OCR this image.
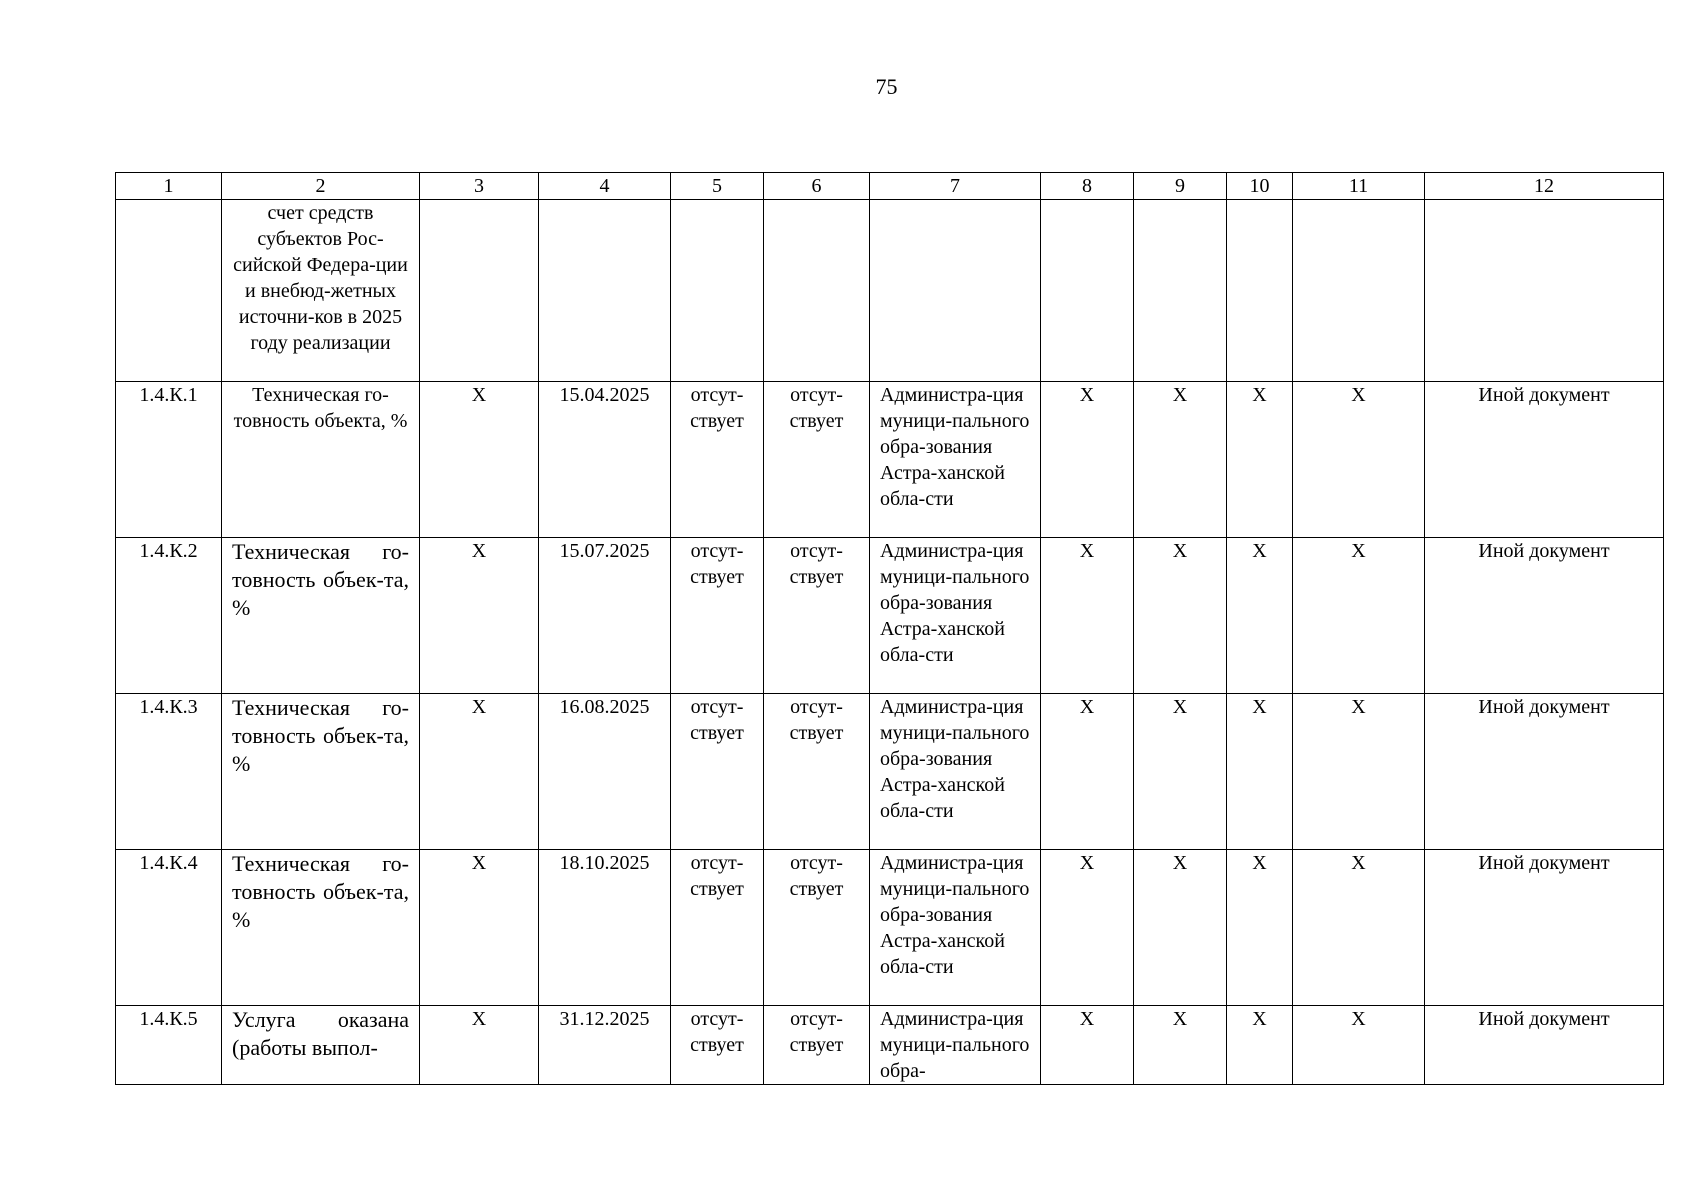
75
1	2	3	4	5	6	7	8	9	10	11	12
	счет средств субъектов Рос-сийской Федера-ции и внебюд-жетных источни-ков в 2025 году реализации										
1.4.К.1	Техническая го-товность объекта, %	X	15.04.2025	отсут-ствует	отсут-ствует	Администра-ция муници-пального обра-зования Астра-ханской обла-сти	X	X	X	X	Иной документ
1.4.К.2	Техническая го-товность объек-та, %	X	15.07.2025	отсут-ствует	отсут-ствует	Администра-ция муници-пального обра-зования Астра-ханской обла-сти	X	X	X	X	Иной документ
1.4.К.3	Техническая го-товность объек-та, %	X	16.08.2025	отсут-ствует	отсут-ствует	Администра-ция муници-пального обра-зования Астра-ханской обла-сти	X	X	X	X	Иной документ
1.4.К.4	Техническая го-товность объек-та, %	X	18.10.2025	отсут-ствует	отсут-ствует	Администра-ция муници-пального обра-зования Астра-ханской обла-сти	X	X	X	X	Иной документ
1.4.К.5	Услуга оказана (работы выпол-	X	31.12.2025	отсут-ствует	отсут-ствует	Администра-ция муници-пального обра-	X	X	X	X	Иной документ
